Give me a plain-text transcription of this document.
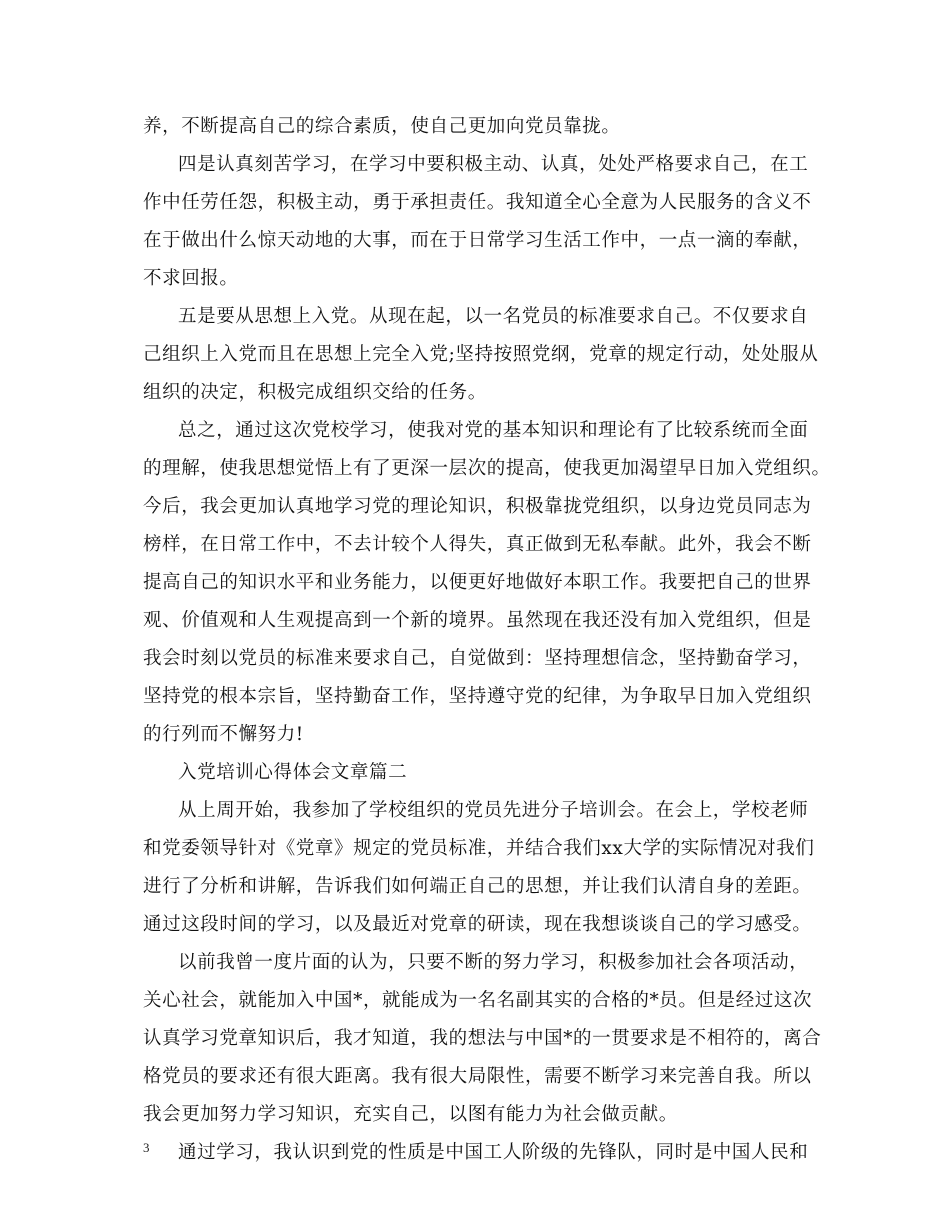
养，不断提高自己的综合素质，使自己更加向党员靠拢。
四是认真刻苦学习，在学习中要积极主动、认真，处处严格要求自己，在工
作中任劳任怨，积极主动，勇于承担责任。我知道全心全意为人民服务的含义不
在于做出什么惊天动地的大事，而在于日常学习生活工作中，一点一滴的奉献，
不求回报。
五是要从思想上入党。从现在起，以一名党员的标准要求自己。不仅要求自
己组织上入党而且在思想上完全入党;坚持按照党纲，党章的规定行动，处处服从
组织的决定，积极完成组织交给的任务。
总之，通过这次党校学习，使我对党的基本知识和理论有了比较系统而全面
的理解，使我思想觉悟上有了更深一层次的提高，使我更加渴望早日加入党组织。
今后，我会更加认真地学习党的理论知识，积极靠拢党组织，以身边党员同志为
榜样，在日常工作中，不去计较个人得失，真正做到无私奉献。此外，我会不断
提高自己的知识水平和业务能力，以便更好地做好本职工作。我要把自己的世界
观、价值观和人生观提高到一个新的境界。虽然现在我还没有加入党组织，但是
我会时刻以党员的标准来要求自己，自觉做到：坚持理想信念，坚持勤奋学习，
坚持党的根本宗旨，坚持勤奋工作，坚持遵守党的纪律，为争取早日加入党组织
的行列而不懈努力!
入党培训心得体会文章篇二
从上周开始，我参加了学校组织的党员先进分子培训会。在会上，学校老师
和党委领导针对《党章》规定的党员标准，并结合我们xx大学的实际情况对我们
进行了分析和讲解，告诉我们如何端正自己的思想，并让我们认清自身的差距。
通过这段时间的学习，以及最近对党章的研读，现在我想谈谈自己的学习感受。
以前我曾一度片面的认为，只要不断的努力学习，积极参加社会各项活动，
关心社会，就能加入中国*，就能成为一名名副其实的合格的*员。但是经过这次
认真学习党章知识后，我才知道，我的想法与中国*的一贯要求是不相符的，离合
格党员的要求还有很大距离。我有很大局限性，需要不断学习来完善自我。所以
我会更加努力学习知识，充实自己，以图有能力为社会做贡献。
通过学习，我认识到党的性质是中国工人阶级的先锋队，同时是中国人民和
3
